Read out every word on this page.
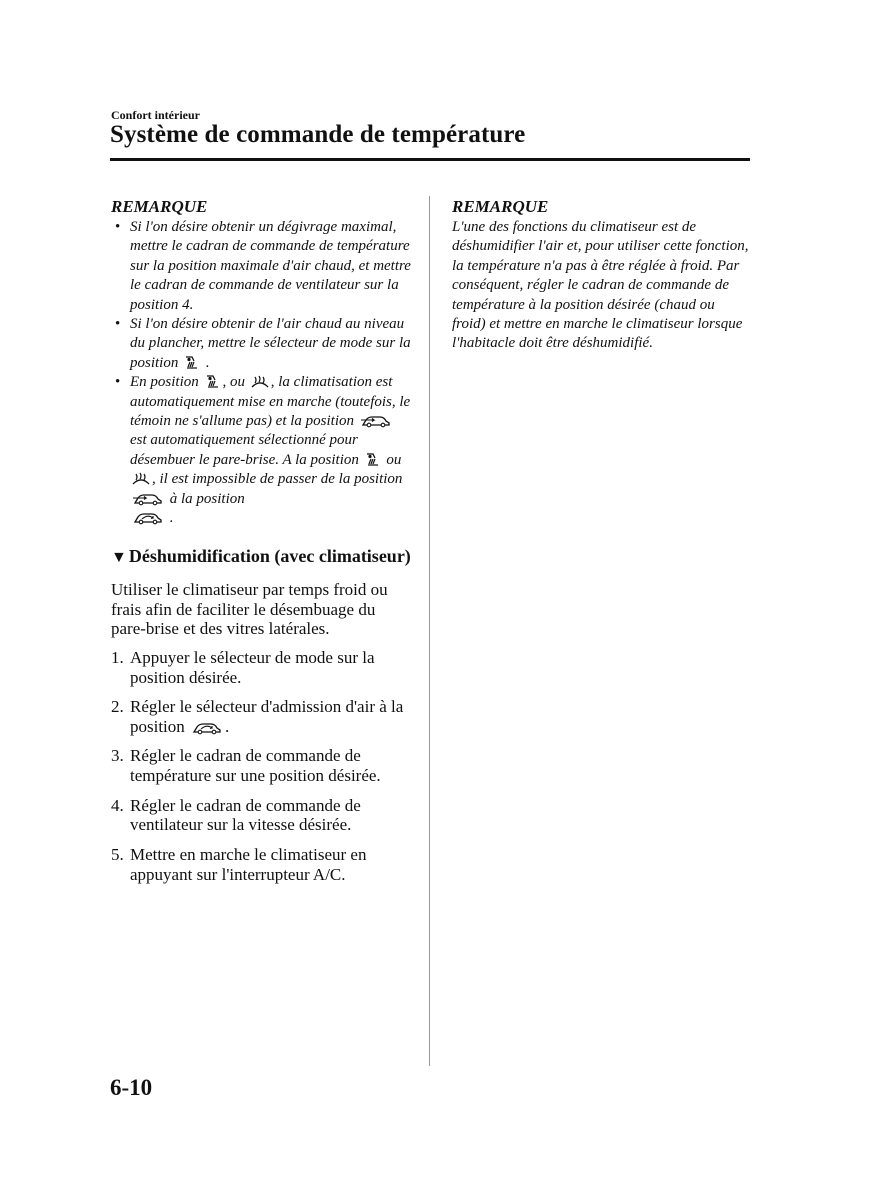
Confort intérieur
Système de commande de température
REMARQUE
• Si l'on désire obtenir un dégivrage maximal, mettre le cadran de commande de température sur la position maximale d'air chaud, et mettre le cadran de commande de ventilateur sur la position 4.
• Si l'on désire obtenir de l'air chaud au niveau du plancher, mettre le sélecteur de mode sur la position .
• En position , ou , la climatisation est automatiquement mise en marche (toutefois, le témoin ne s'allume pas) et la position  est automatiquement sélectionné pour désembuer le pare-brise. A la position ou , il est impossible de passer de la position  à la position
.
▼ Déshumidification (avec climatiseur)
Utiliser le climatiseur par temps froid ou frais afin de faciliter le désembuage du pare-brise et des vitres latérales.
1. Appuyer le sélecteur de mode sur la position désirée.
2. Régler le sélecteur d'admission d'air à la position .
3. Régler le cadran de commande de température sur une position désirée.
4. Régler le cadran de commande de ventilateur sur la vitesse désirée.
5. Mettre en marche le climatiseur en appuyant sur l'interrupteur A/C.
REMARQUE
L'une des fonctions du climatiseur est de déshumidifier l'air et, pour utiliser cette fonction, la température n'a pas à être réglée à froid. Par conséquent, régler le cadran de commande de température à la position désirée (chaud ou froid) et mettre en marche le climatiseur lorsque l'habitacle doit être déshumidifié.
6-10
